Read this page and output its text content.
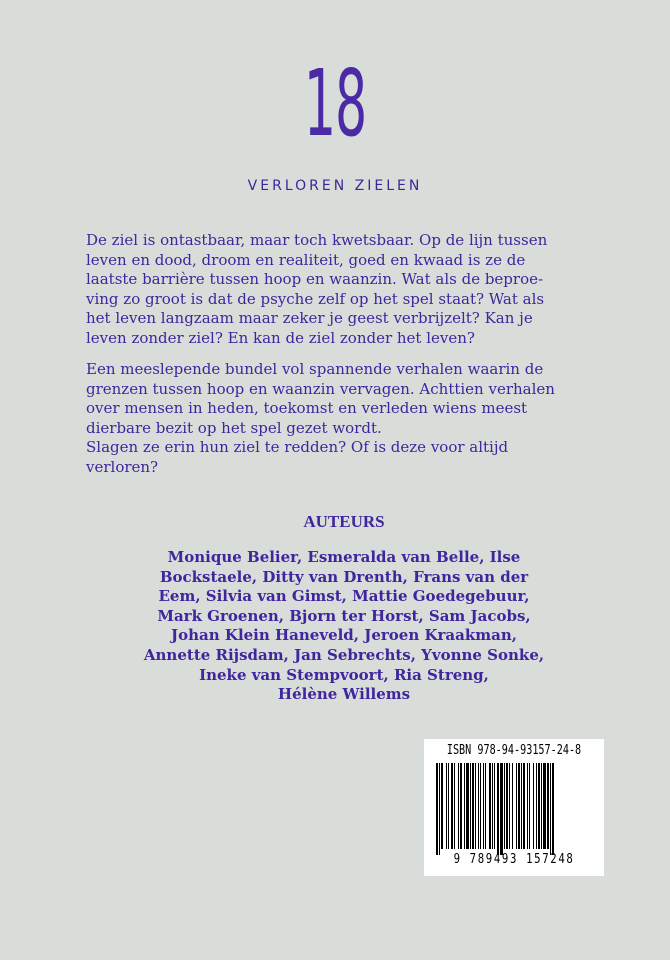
18
VERLOREN ZIELEN
De ziel is ontastbaar, maar toch kwetsbaar. Op de lijn tussen
leven en dood, droom en realiteit, goed en kwaad is ze de
laatste barrière tussen hoop en waanzin. Wat als de beproe-
ving zo groot is dat de psyche zelf op het spel staat? Wat als
het leven langzaam maar zeker je geest verbrijzelt? Kan je
leven zonder ziel? En kan de ziel zonder het leven?
Een meeslepende bundel vol spannende verhalen waarin de
grenzen tussen hoop en waanzin vervagen. Achttien verhalen
over mensen in heden, toekomst en verleden wiens meest
dierbare bezit op het spel gezet wordt.
Slagen ze erin hun ziel te redden? Of is deze voor altijd
verloren?
AUTEURS
Monique Belier, Esmeralda van Belle, Ilse
Bockstaele, Ditty van Drenth, Frans van der
Eem, Silvia van Gimst, Mattie Goedegebuur,
Mark Groenen, Bjorn ter Horst, Sam Jacobs,
Johan Klein Haneveld, Jeroen Kraakman,
Annette Rijsdam, Jan Sebrechts, Yvonne Sonke,
Ineke van Stempvoort, Ria Streng,
Hélène Willems
ISBN 978-94-93157-24-8
9 789493 157248
